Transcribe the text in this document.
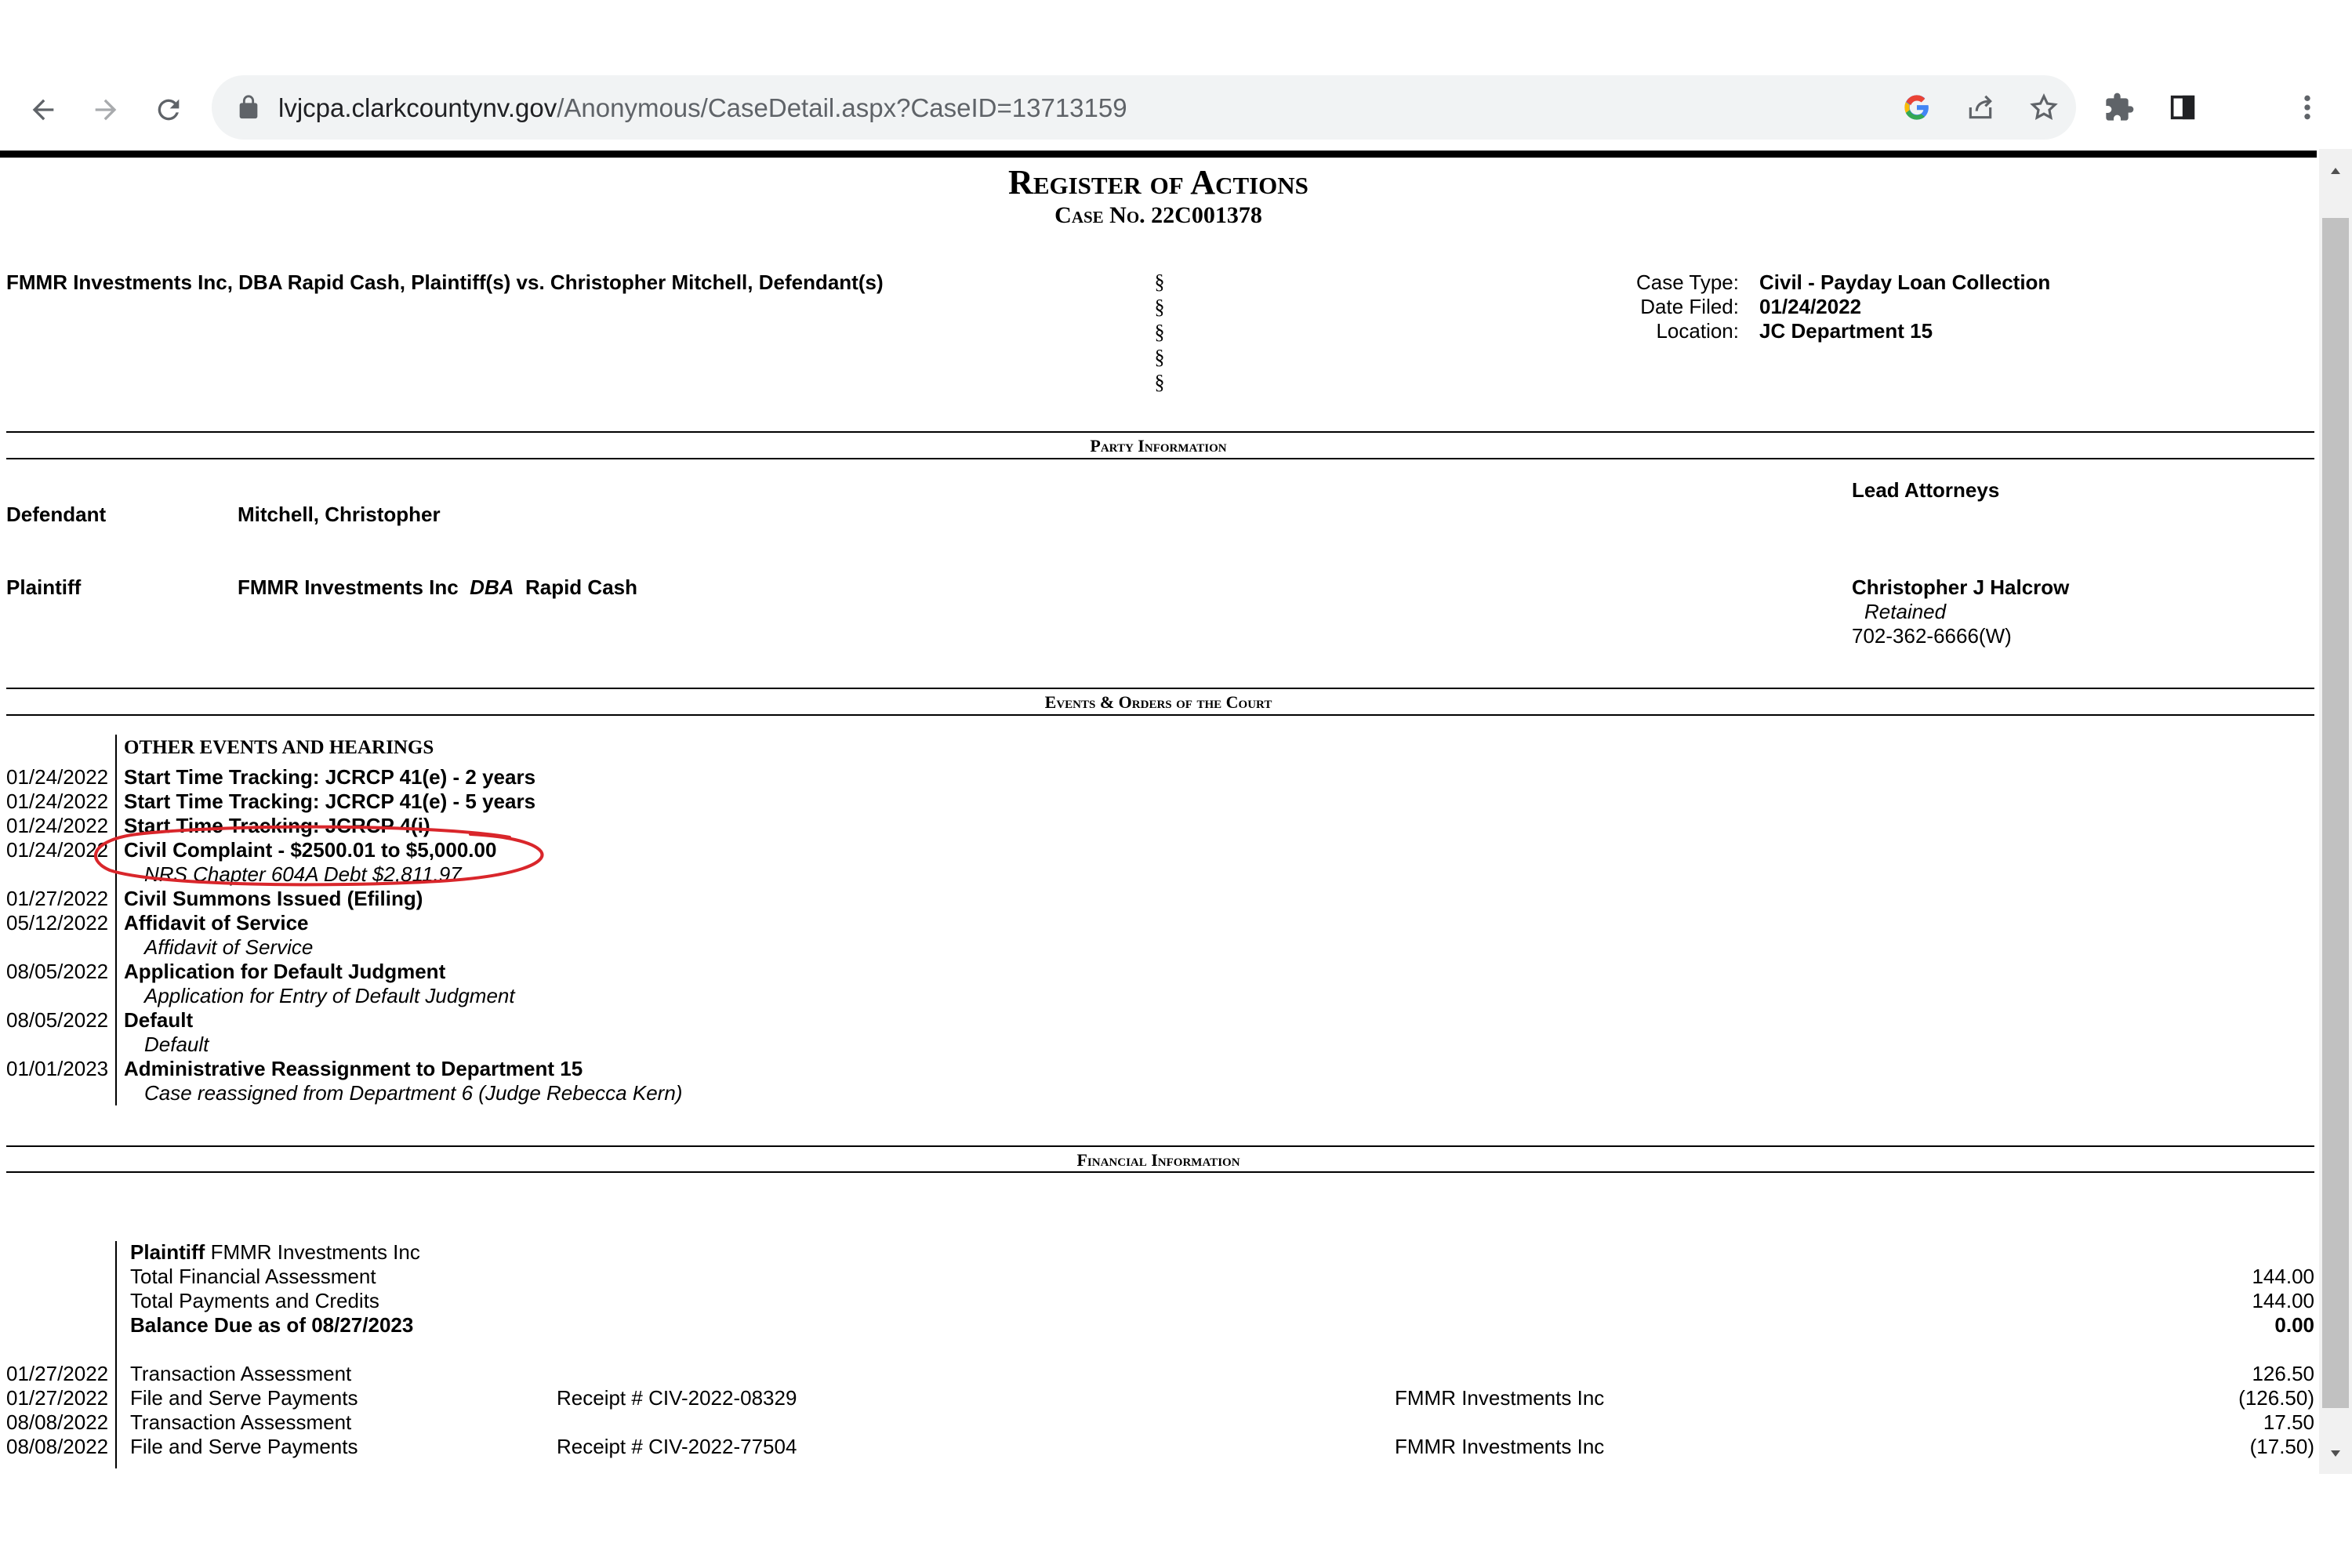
lvjcpa.clarkcountynv.gov/Anonymous/CaseDetail.aspx?CaseID=13713159
Register of Actions
Case No. 22C001378
FMMR Investments Inc, DBA Rapid Cash, Plaintiff(s) vs. Christopher Mitchell, Defendant(s)	§
§
§
§
§
Case Type: Civil - Payday Loan Collection
Date Filed: 01/24/2022
Location: JC Department 15
Party Information
Lead Attorneys
Defendant	Mitchell, Christopher
Plaintiff	FMMR Investments Inc DBA Rapid Cash	Christopher J Halcrow
Retained
702-362-6666(W)
Events & Orders of the Court
OTHER EVENTS AND HEARINGS
01/24/2022 Start Time Tracking: JCRCP 41(e) - 2 years
01/24/2022 Start Time Tracking: JCRCP 41(e) - 5 years
01/24/2022 Start Time Tracking: JCRCP 4(i)
01/24/2022 Civil Complaint - $2500.01 to $5,000.00
NRS Chapter 604A Debt $2,811.97
01/27/2022 Civil Summons Issued (Efiling)
05/12/2022 Affidavit of Service
Affidavit of Service
08/05/2022 Application for Default Judgment
Application for Entry of Default Judgment
08/05/2022 Default
Default
01/01/2023 Administrative Reassignment to Department 15
Case reassigned from Department 6 (Judge Rebecca Kern)
Financial Information
Plaintiff FMMR Investments Inc
Total Financial Assessment	144.00
Total Payments and Credits	144.00
Balance Due as of 08/27/2023	0.00
01/27/2022 Transaction Assessment	126.50
01/27/2022 File and Serve Payments	Receipt # CIV-2022-08329	FMMR Investments Inc	(126.50)
08/08/2022 Transaction Assessment	17.50
08/08/2022 File and Serve Payments	Receipt # CIV-2022-77504	FMMR Investments Inc	(17.50)
